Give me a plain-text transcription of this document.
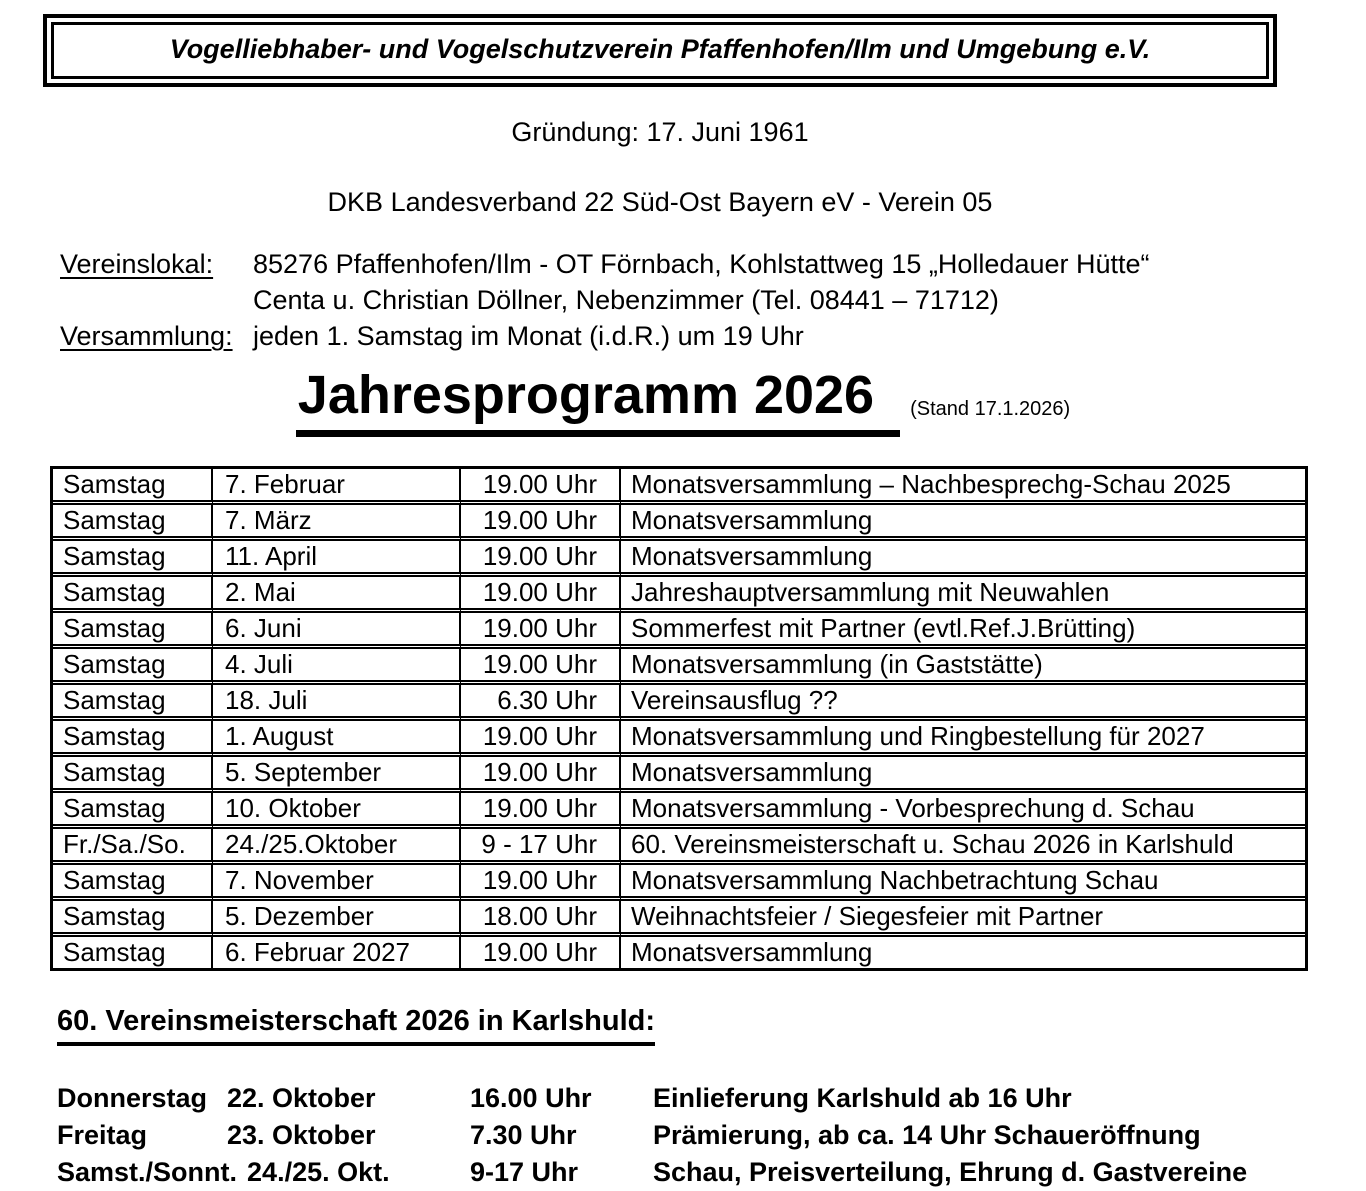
Vogelliebhaber- und Vogelschutzverein Pfaffenhofen/Ilm und Umgebung e.V.
Gründung: 17. Juni 1961
DKB Landesverband 22 Süd-Ost Bayern eV - Verein 05
Vereinslokal:	85276 Pfaffenhofen/Ilm - OT Förnbach, Kohlstattweg 15 „Holledauer Hütte“
Centa u. Christian Döllner, Nebenzimmer (Tel. 08441 – 71712)
Versammlung: jeden 1. Samstag im Monat (i.d.R.) um 19 Uhr
Jahresprogramm 2026 (Stand 17.1.2026)
Samstag	7. Februar	19.00 Uhr	Monatsversammlung – Nachbesprechg-Schau 2025
Samstag	7. März	19.00 Uhr	Monatsversammlung
Samstag	11. April	19.00 Uhr	Monatsversammlung
Samstag	2. Mai	19.00 Uhr	Jahreshauptversammlung mit Neuwahlen
Samstag	6. Juni	19.00 Uhr	Sommerfest mit Partner (evtl.Ref.J.Brütting)
Samstag	4. Juli	19.00 Uhr	Monatsversammlung (in Gaststätte)
Samstag	18. Juli	6.30 Uhr	Vereinsausflug ??
Samstag	1. August	19.00 Uhr	Monatsversammlung und Ringbestellung für 2027
Samstag	5. September	19.00 Uhr	Monatsversammlung
Samstag	10. Oktober	19.00 Uhr	Monatsversammlung - Vorbesprechung d. Schau
Fr./Sa./So.	24./25.Oktober	9 - 17 Uhr	60. Vereinsmeisterschaft u. Schau 2026 in Karlshuld
Samstag	7. November	19.00 Uhr	Monatsversammlung Nachbetrachtung Schau
Samstag	5. Dezember	18.00 Uhr	Weihnachtsfeier / Siegesfeier mit Partner
Samstag	6. Februar 2027	19.00 Uhr	Monatsversammlung
60. Vereinsmeisterschaft 2026 in Karlshuld:
Donnerstag 22. Oktober	16.00 Uhr Einlieferung Karlshuld ab 16 Uhr
Freitag	23. Oktober	7.30 Uhr	Prämierung, ab ca. 14 Uhr Schaueröffnung
Samst./Sonnt. 24./25. Okt.	9-17 Uhr	Schau, Preisverteilung, Ehrung d. Gastvereine
